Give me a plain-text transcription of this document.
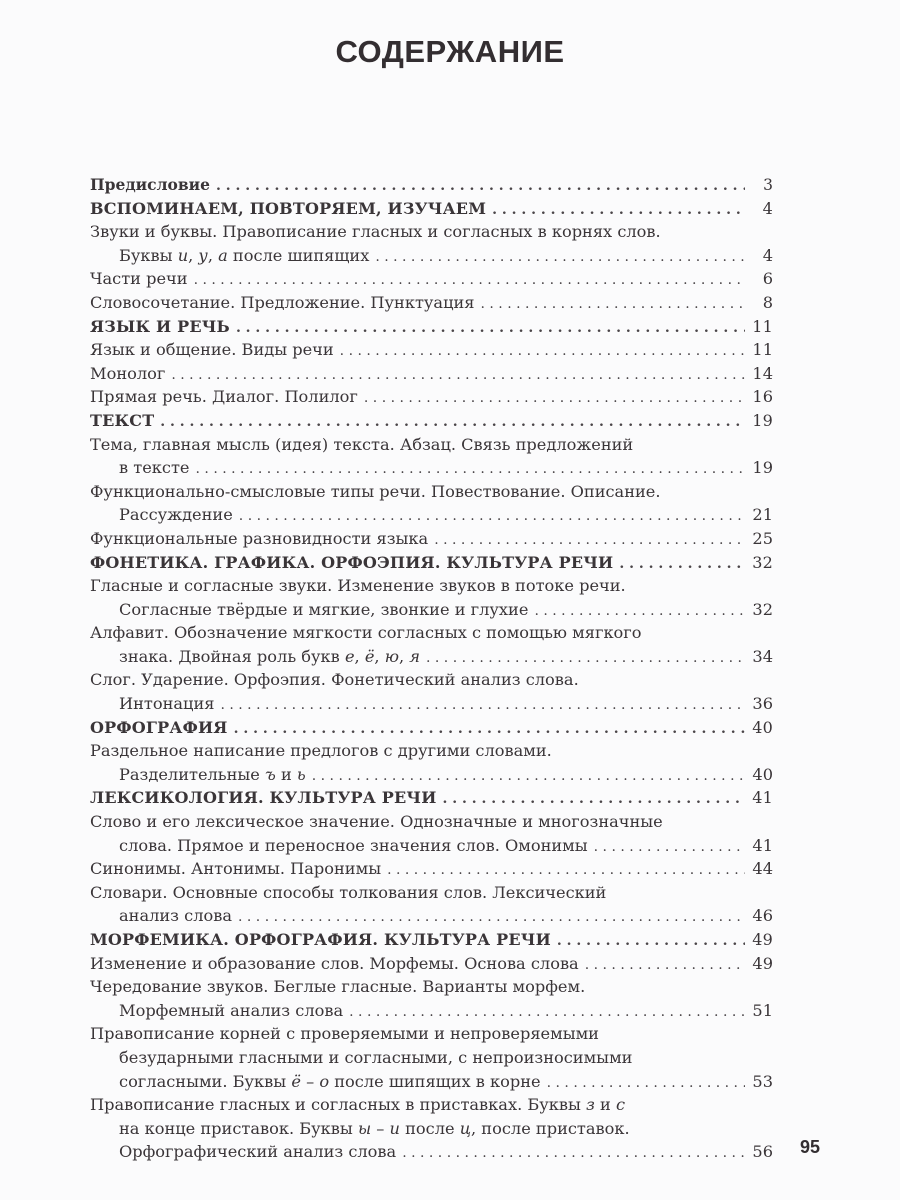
СОДЕРЖАНИЕ
Предисловие . . .	3
ВСПОМИНАЕМ, ПОВТОРЯЕМ, ИЗУЧАЕМ . . .	4
Звуки и буквы. Правописание гласных и согласных в корнях слов.
Буквы и, у, а после шипящих . . .	4
Части речи . . .	6
Словосочетание. Предложение. Пунктуация . . .	8
ЯЗЫК И РЕЧЬ . . .	11
Язык и общение. Виды речи . . .	11
Монолог . . .	14
Прямая речь. Диалог. Полилог . . .	16
ТЕКСТ . . .	19
Тема, главная мысль (идея) текста. Абзац. Связь предложений
в тексте . . .	19
Функционально-смысловые типы речи. Повествование. Описание.
Рассуждение . . .	21
Функциональные разновидности языка . . .	25
ФОНЕТИКА. ГРАФИКА. ОРФОЭПИЯ. КУЛЬТУРА РЕЧИ . . .	32
Гласные и согласные звуки. Изменение звуков в потоке речи.
Согласные твёрдые и мягкие, звонкие и глухие . . .	32
Алфавит. Обозначение мягкости согласных с помощью мягкого
знака. Двойная роль букв е, ё, ю, я . . .	34
Слог. Ударение. Орфоэпия. Фонетический анализ слова.
Интонация . . .	36
ОРФОГРАФИЯ . . .	40
Раздельное написание предлогов с другими словами.
Разделительные ъ и ь . . .	40
ЛЕКСИКОЛОГИЯ. КУЛЬТУРА РЕЧИ . . .	41
Слово и его лексическое значение. Однозначные и многозначные
слова. Прямое и переносное значения слов. Омонимы . . .	41
Синонимы. Антонимы. Паронимы . . .	44
Словари. Основные способы толкования слов. Лексический
анализ слова . . .	46
МОРФЕМИКА. ОРФОГРАФИЯ. КУЛЬТУРА РЕЧИ . . .	49
Изменение и образование слов. Морфемы. Основа слова . . .	49
Чередование звуков. Беглые гласные. Варианты морфем.
Морфемный анализ слова . . .	51
Правописание корней с проверяемыми и непроверяемыми
безударными гласными и согласными, с непроизносимыми
согласными. Буквы ё – о после шипящих в корне . . .	53
Правописание гласных и согласных в приставках. Буквы з и с
на конце приставок. Буквы ы – и после ц, после приставок.
Орфографический анализ слова . . .	56 95
